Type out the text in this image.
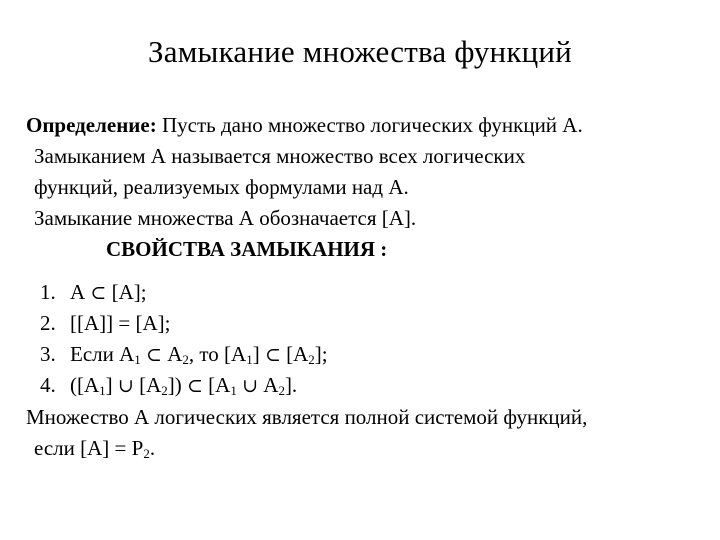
Замыкание множества функций
Определение: Пусть дано множество логических функций А.
Замыканием А называется множество всех логических
функций, реализуемых формулами над А.
Замыкание множества А обозначается [А].
СВОЙСТВА ЗАМЫКАНИЯ :
1. А ⊂ [А];
2. [[А]] = [А];
3. Если $А_1$ ⊂ $А_2$, то $[А_1]$ ⊂ $[А_2]$;
4. ($[А_1]$ ∪ $[А_2]$) ⊂ [$А_1$ ∪ $А_2$].
Множество А логических является полной системой функций,
если $[А] = Р_2$.
